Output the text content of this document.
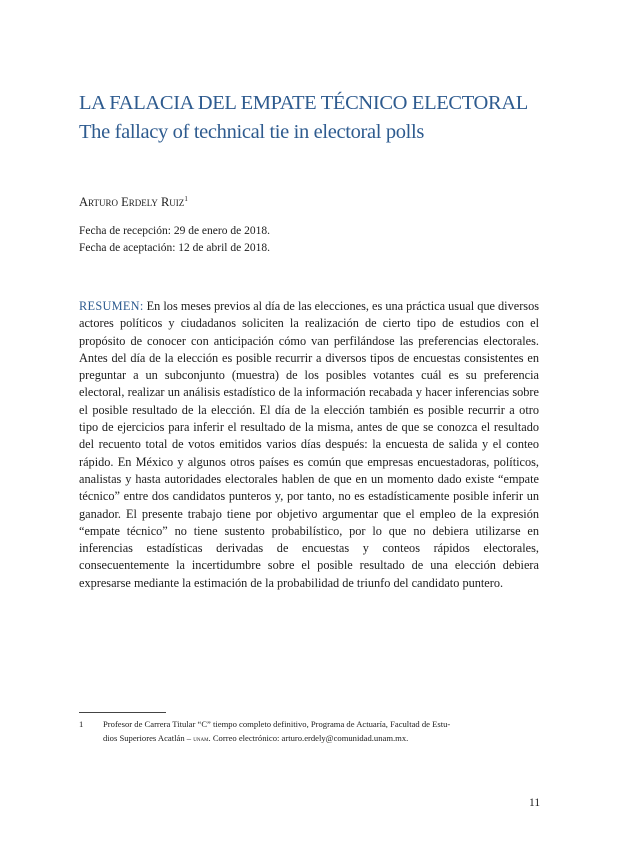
LA FALACIA DEL EMPATE TÉCNICO ELECTORAL
The fallacy of technical tie in electoral polls
Arturo Erdely Ruiz$^1$
Fecha de recepción: 29 de enero de 2018.
Fecha de aceptación: 12 de abril de 2018.
RESUMEN: En los meses previos al día de las elecciones, es una práctica usual que diversos actores políticos y ciudadanos soliciten la realización de cierto tipo de estudios con el propósito de conocer con anticipación cómo van perfilándose las preferencias electorales. Antes del día de la elección es posible recurrir a diversos tipos de encuestas consistentes en preguntar a un subconjunto (muestra) de los posibles votantes cuál es su preferencia electoral, realizar un análisis estadístico de la información recabada y hacer inferencias sobre el posible resultado de la elección. El día de la elección también es posible recurrir a otro tipo de ejercicios para inferir el resultado de la misma, antes de que se conozca el resultado del recuento total de votos emitidos varios días después: la encuesta de salida y el conteo rápido. En México y algunos otros países es común que empresas encuestadoras, políticos, analistas y hasta autoridades electorales hablen de que en un momento dado existe “empate técnico” entre dos candidatos punteros y, por tanto, no es estadísticamente posible inferir un ganador. El presente trabajo tiene por objetivo argumentar que el empleo de la expresión “empate técnico” no tiene sustento probabilístico, por lo que no debiera utilizarse en inferencias estadísticas derivadas de encuestas y conteos rápidos electorales, consecuentemente la incertidumbre sobre el posible resultado de una elección debiera expresarse mediante la estimación de la probabilidad de triunfo del candidato puntero.
1 Profesor de Carrera Titular “C” tiempo completo definitivo, Programa de Actuaría, Facultad de Estu-
dios Superiores Acatlán – unam. Correo electrónico: arturo.erdely@comunidad.unam.mx.
11
